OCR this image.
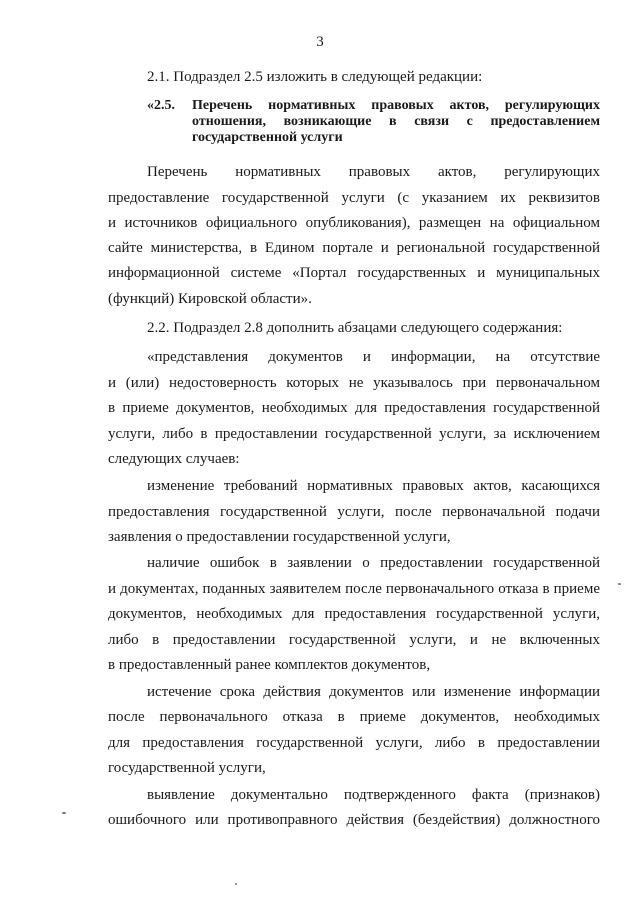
3
2.1. Подраздел 2.5 изложить в следующей редакции:
«2.5. Перечень нормативных правовых актов, регулирующих отношения, возникающие в связи с предоставлением государственной услуги
Перечень нормативных правовых актов, регулирующих
предоставление государственной услуги (с указанием их реквизитов
и источников официального опубликования), размещен на официальном
сайте министерства, в Едином портале и региональной государственной
информационной системе «Портал государственных и муниципальных
(функций) Кировской области».
2.2. Подраздел 2.8 дополнить абзацами следующего содержания:
«представления документов и информации, на отсутствие
и (или) недостоверность которых не указывалось при первоначальном
в приеме документов, необходимых для предоставления государственной
услуги, либо в предоставлении государственной услуги, за исключением
следующих случаев:
изменение требований нормативных правовых актов, касающихся
предоставления государственной услуги, после первоначальной подачи
заявления о предоставлении государственной услуги,
наличие ошибок в заявлении о предоставлении государственной
и документах, поданных заявителем после первоначального отказа в приеме
документов, необходимых для предоставления государственной услуги,
либо в предоставлении государственной услуги, и не включенных
в предоставленный ранее комплектов документов,
истечение срока действия документов или изменение информации
после первоначального отказа в приеме документов, необходимых
для предоставления государственной услуги, либо в предоставлении
государственной услуги,
выявление документально подтвержденного факта (признаков)
ошибочного или противоправного действия (бездействия) должностного
